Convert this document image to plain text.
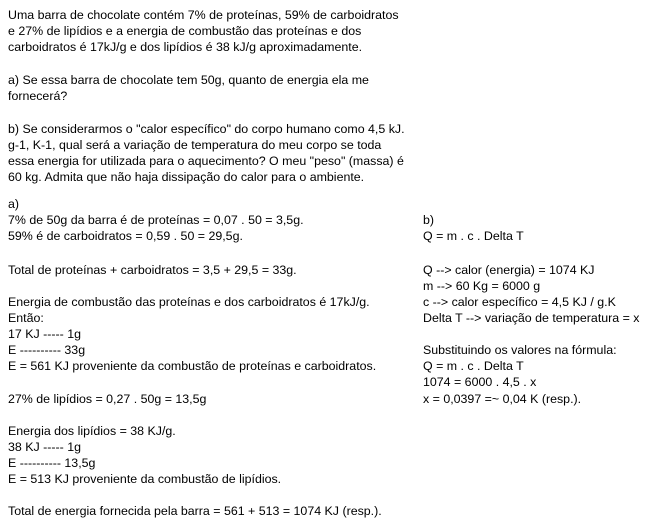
Uma barra de chocolate contém 7% de proteínas, 59% de carboidratos
e 27% de lipídios e a energia de combustão das proteínas e dos
carboidratos é 17kJ/g e dos lipídios é 38 kJ/g aproximadamente.
a) Se essa barra de chocolate tem 50g, quanto de energia ela me
fornecerá?
b) Se considerarmos o "calor específico" do corpo humano como 4,5 kJ.
g-1, K-1, qual será a variação de temperatura do meu corpo se toda
essa energia for utilizada para o aquecimento? O meu "peso" (massa) é
60 kg. Admita que não haja dissipação do calor para o ambiente.
a)
7% de 50g da barra é de proteínas = 0,07 . 50 = 3,5g.
59% é de carboidratos = 0,59 . 50 = 29,5g.
Total de proteínas + carboidratos = 3,5 + 29,5 = 33g.
Energia de combustão das proteínas e dos carboidratos é 17kJ/g.
Então:
17 KJ ----- 1g
E ---------- 33g
E = 561 KJ proveniente da combustão de proteínas e carboidratos.
27% de lipídios = 0,27 . 50g = 13,5g
Energia dos lipídios = 38 KJ/g.
38 KJ ----- 1g
E ---------- 13,5g
E = 513 KJ proveniente da combustão de lipídios.
Total de energia fornecida pela barra = 561 + 513 = 1074 KJ (resp.).
b)
Q = m . c . Delta T
Q --> calor (energia) = 1074 KJ
m --> 60 Kg = 6000 g
c --> calor específico = 4,5 KJ / g.K
Delta T --> variação de temperatura = x
Substituindo os valores na fórmula:
Q = m . c . Delta T
1074 = 6000 . 4,5 . x
x = 0,0397 =~ 0,04 K (resp.).
